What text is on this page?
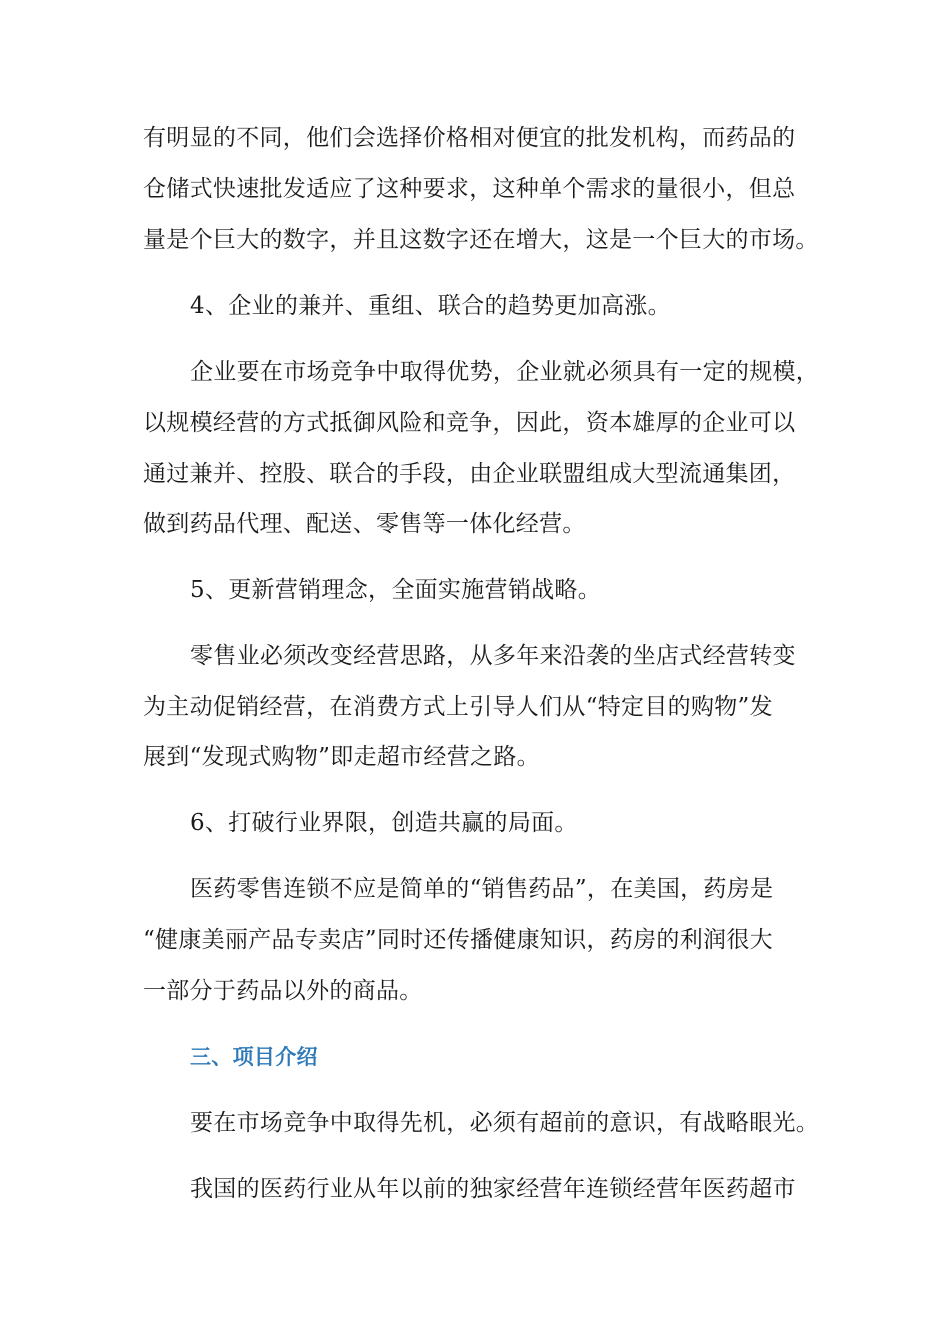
有明显的不同，他们会选择价格相对便宜的批发机构，而药品的
仓储式快速批发适应了这种要求，这种单个需求的量很小，但总
量是个巨大的数字，并且这数字还在增大，这是一个巨大的市场。
4、企业的兼并、重组、联合的趋势更加高涨。
企业要在市场竞争中取得优势，企业就必须具有一定的规模，
以规模经营的方式抵御风险和竞争，因此，资本雄厚的企业可以
通过兼并、控股、联合的手段，由企业联盟组成大型流通集团，
做到药品代理、配送、零售等一体化经营。
5、更新营销理念，全面实施营销战略。
零售业必须改变经营思路，从多年来沿袭的坐店式经营转变
为主动促销经营，在消费方式上引导人们从“特定目的购物”发
展到“发现式购物”即走超市经营之路。
6、打破行业界限，创造共赢的局面。
医药零售连锁不应是简单的“销售药品”，在美国，药房是
“健康美丽产品专卖店”同时还传播健康知识，药房的利润很大
一部分于药品以外的商品。
三、项目介绍
要在市场竞争中取得先机，必须有超前的意识，有战略眼光。
我国的医药行业从年以前的独家经营年连锁经营年医药超市
